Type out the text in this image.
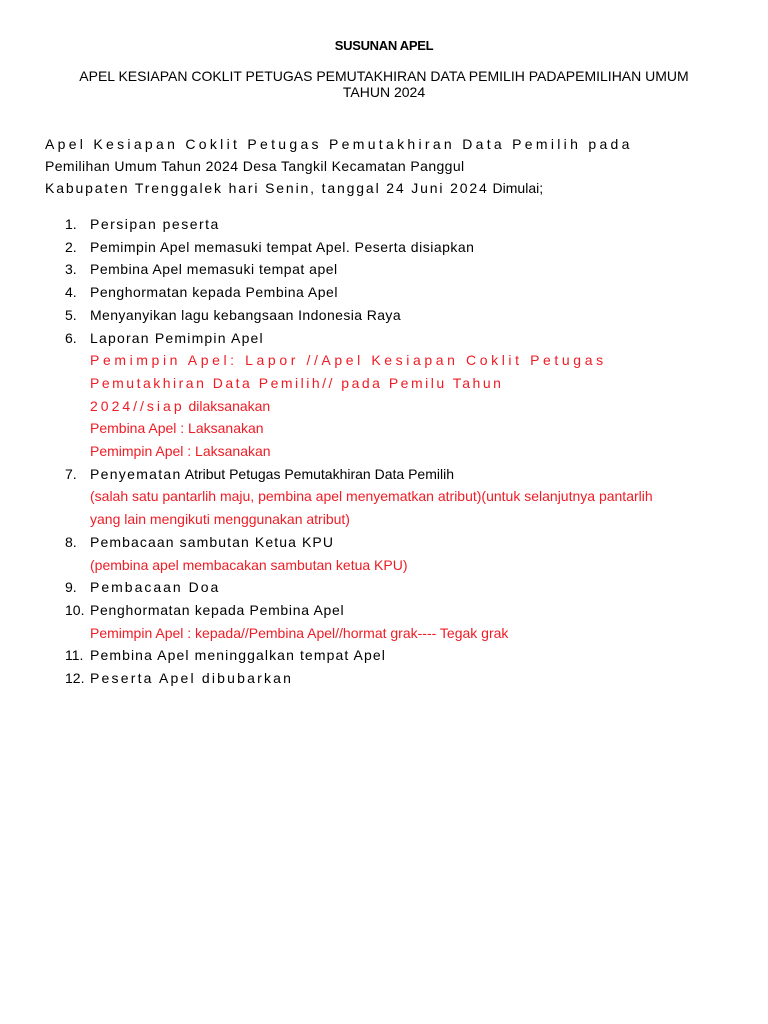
SUSUNAN APEL
APEL KESIAPAN COKLIT PETUGAS PEMUTAKHIRAN DATA PEMILIH PADAPEMILIHAN UMUM
TAHUN 2024
Apel Kesiapan Coklit Petugas Pemutakhiran Data Pemilih pada
Pemilihan Umum Tahun 2024 Desa Tangkil Kecamatan Panggul
Kabupaten Trenggalek hari Senin, tanggal 24 Juni 2024 Dimulai;
1. Persipan peserta
2. Pemimpin Apel memasuki tempat Apel. Peserta disiapkan
3. Pembina Apel memasuki tempat apel
4. Penghormatan kepada Pembina Apel
5. Menyanyikan lagu kebangsaan Indonesia Raya
6. Laporan Pemimpin Apel
Pemimpin Apel: Lapor //Apel Kesiapan Coklit Petugas
Pemutakhiran Data Pemilih// pada Pemilu Tahun
2024//siap dilaksanakan
Pembina Apel : Laksanakan
Pemimpin Apel : Laksanakan
7. Penyematan Atribut Petugas Pemutakhiran Data Pemilih
(salah satu pantarlih maju, pembina apel menyematkan atribut)(untuk selanjutnya pantarlih
yang lain mengikuti menggunakan atribut)
8. Pembacaan sambutan Ketua KPU
(pembina apel membacakan sambutan ketua KPU)
9. Pembacaan Doa
10. Penghormatan kepada Pembina Apel
Pemimpin Apel : kepada//Pembina Apel//hormat grak---- Tegak grak
11. Pembina Apel meninggalkan tempat Apel
12. Peserta Apel dibubarkan
